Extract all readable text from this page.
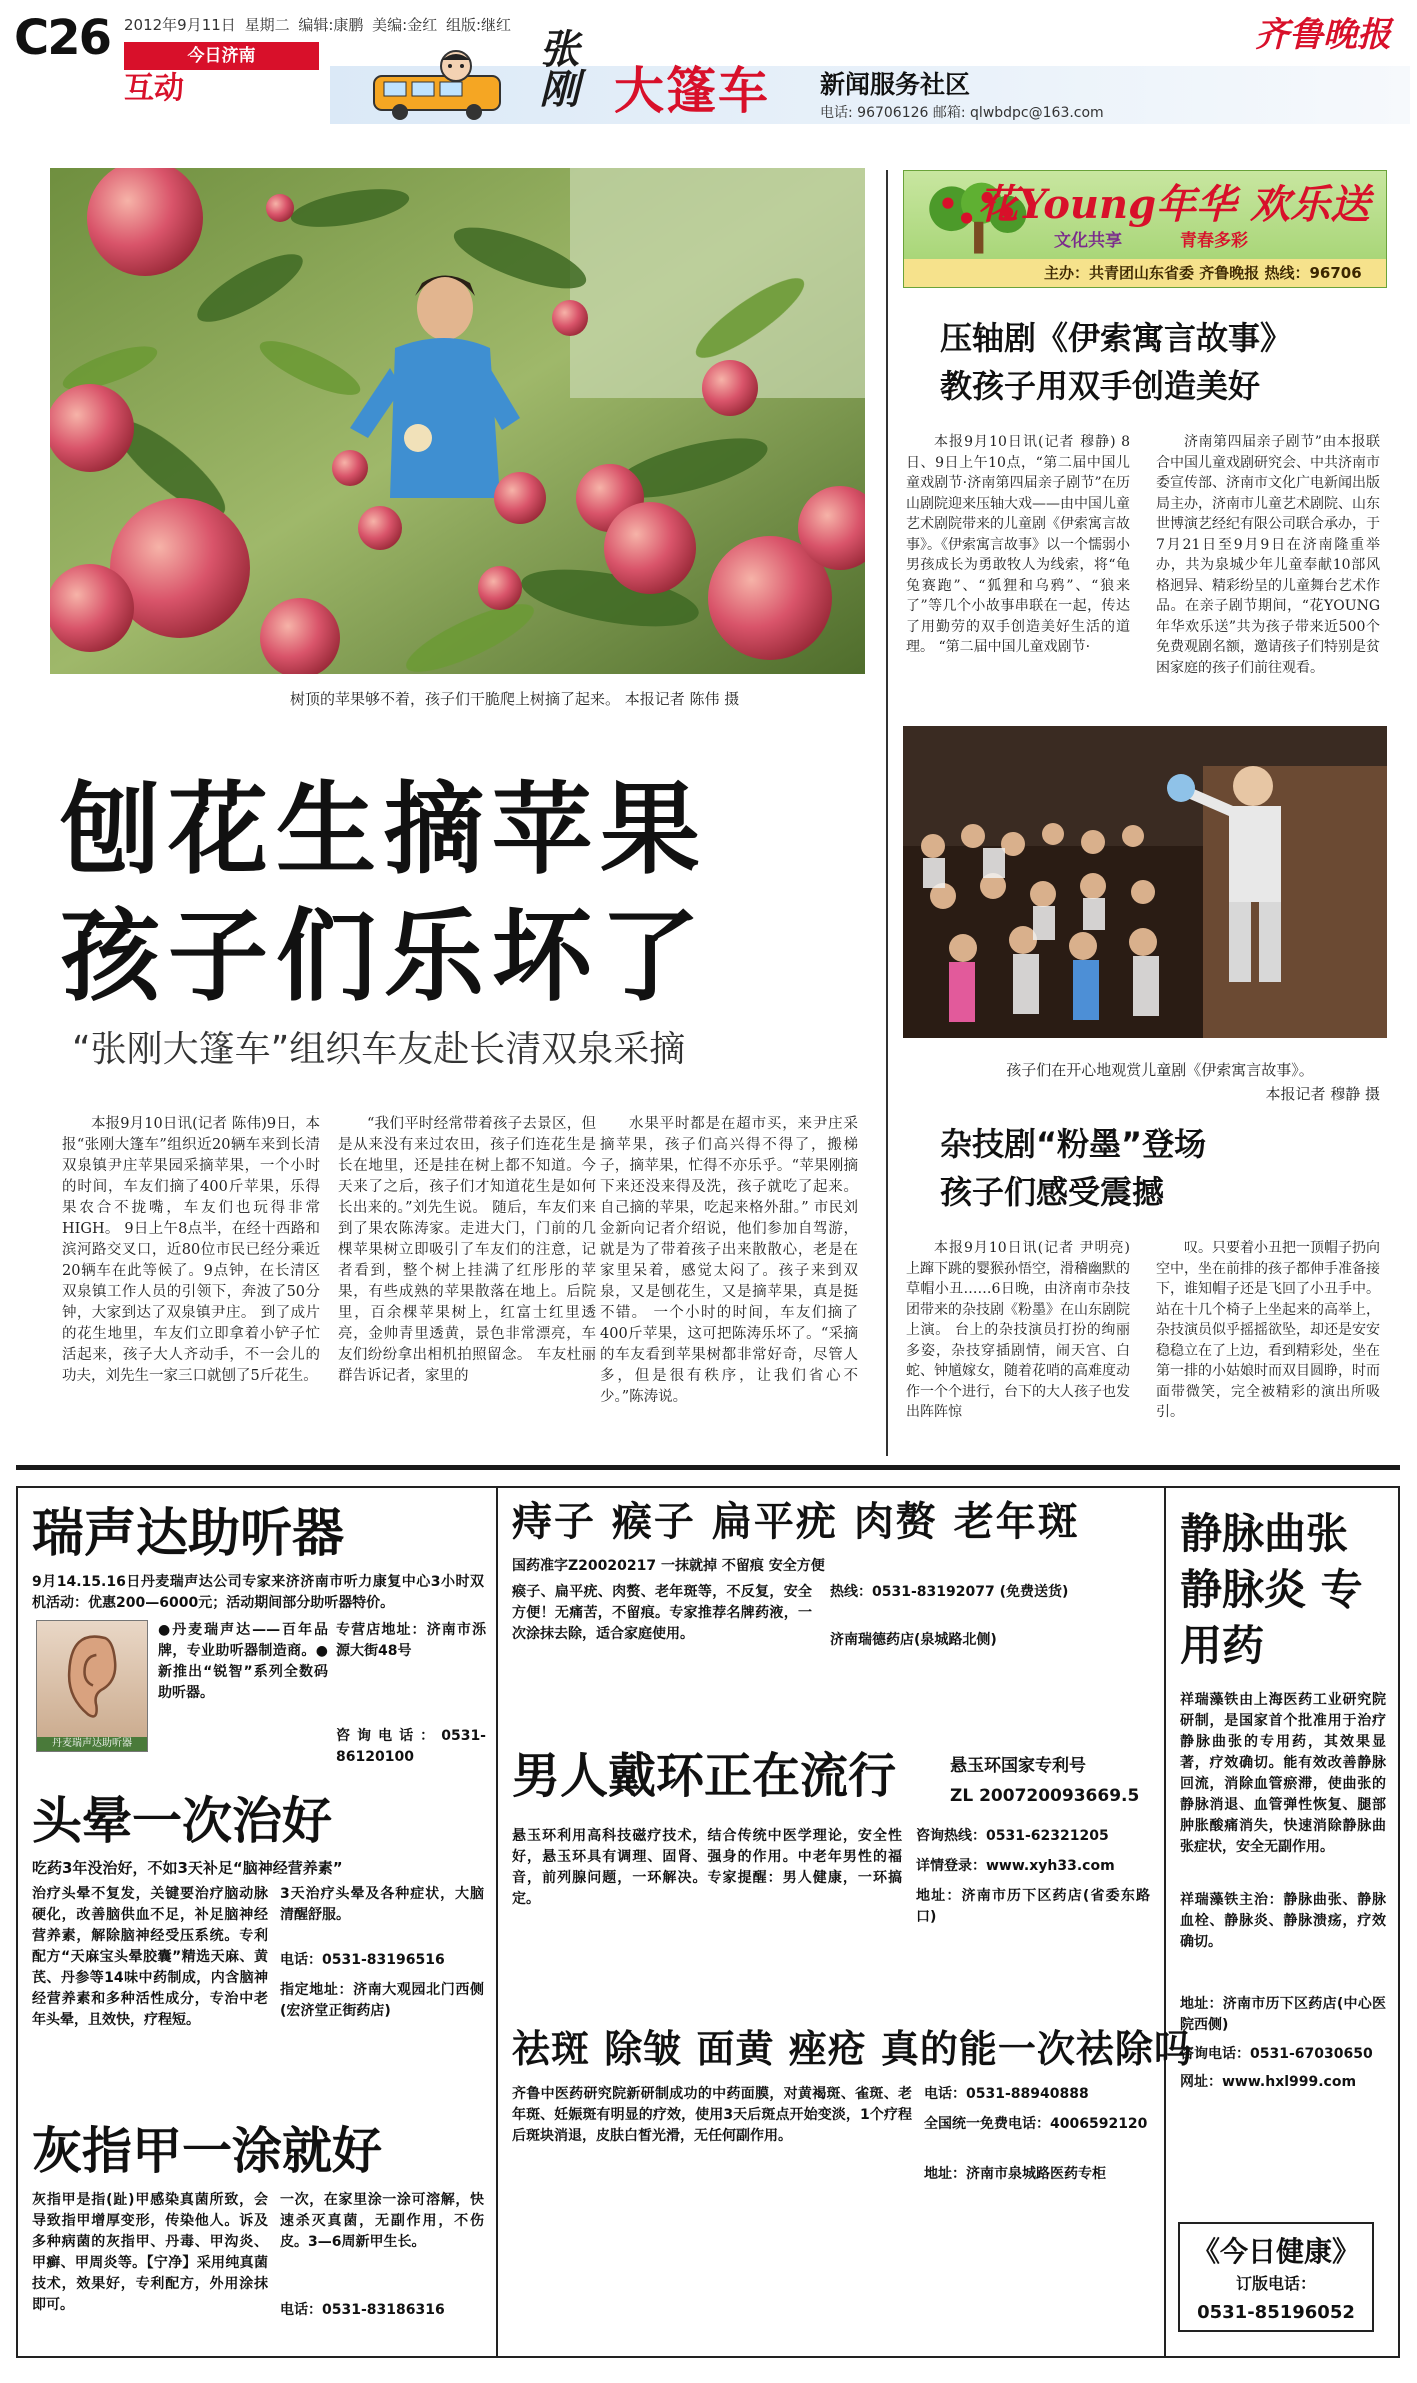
C26 2012年9月11日 星期二 编辑:康鹏 美编:金红 组版:继红
今日济南
互动	张刚 大篷车 新闻服务社区
电话: 96706126 邮箱: qlwbdpc@163.com
齐鲁晚报
树顶的苹果够不着，孩子们干脆爬上树摘了起来。 本报记者 陈伟 摄
刨花生摘苹果
孩子们乐坏了
“张刚大篷车”组织车友赴长清双泉采摘
本报9月10日讯(记者 陈伟)9日，本报“张刚大篷车”组织近20辆车来到长清双泉镇尹庄苹果园采摘苹果，一个小时的时间，车友们摘了400斤苹果，乐得果农合不拢嘴，车友们也玩得非常HIGH。 9日上午8点半，在经十西路和滨河路交叉口，近80位市民已经分乘近20辆车在此等候了。9点钟，在长清区双泉镇工作人员的引领下，奔波了50分钟，大家到达了双泉镇尹庄。 到了成片的花生地里，车友们立即拿着小铲子忙活起来，孩子大人齐动手，不一会儿的功夫，刘先生一家三口就刨了5斤花生。
“我们平时经常带着孩子去景区，但是从来没有来过农田，孩子们连花生是长在地里，还是挂在树上都不知道。今天来了之后，孩子们才知道花生是如何长出来的。”刘先生说。 随后，车友们来到了果农陈涛家。走进大门，门前的几棵苹果树立即吸引了车友们的注意，记者看到，整个树上挂满了红彤彤的苹果，有些成熟的苹果散落在地上。后院里，百余棵苹果树上，红富士红里透亮，金帅青里透黄，景色非常漂亮，车友们纷纷拿出相机拍照留念。 车友杜丽群告诉记者，家里的
水果平时都是在超市买，来尹庄采摘苹果，孩子们高兴得不得了，搬梯子，摘苹果，忙得不亦乐乎。“苹果刚摘下来还没来得及洗，孩子就吃了起来。自己摘的苹果，吃起来格外甜。” 市民刘金新向记者介绍说，他们参加自驾游，就是为了带着孩子出来散散心，老是在家里呆着，感觉太闷了。孩子来到双泉，又是刨花生，又是摘苹果，真是挺不错。 一个小时的时间，车友们摘了400斤苹果，这可把陈涛乐坏了。“采摘的车友看到苹果树都非常好奇，尽管人多，但是很有秩序，让我们省心不少。”陈涛说。
花Young年华 欢乐送
文化共享	青春多彩
主办：共青团山东省委 齐鲁晚报 热线：96706
压轴剧《伊索寓言故事》
教孩子用双手创造美好
本报9月10日讯(记者 穆静) 8日、9日上午10点，“第二届中国儿童戏剧节·济南第四届亲子剧节”在历山剧院迎来压轴大戏——由中国儿童艺术剧院带来的儿童剧《伊索寓言故事》。《伊索寓言故事》以一个懦弱小男孩成长为勇敢牧人为线索，将“龟兔赛跑”、“狐狸和乌鸦”、“狼来了”等几个小故事串联在一起，传达了用勤劳的双手创造美好生活的道理。 “第二届中国儿童戏剧节·
济南第四届亲子剧节”由本报联合中国儿童戏剧研究会、中共济南市委宣传部、济南市文化广电新闻出版局主办，济南市儿童艺术剧院、山东世博演艺经纪有限公司联合承办，于7月21日至9月9日在济南隆重举办，共为泉城少年儿童奉献10部风格迥异、精彩纷呈的儿童舞台艺术作品。在亲子剧节期间，“花YOUNG年华欢乐送”共为孩子带来近500个免费观剧名额，邀请孩子们特别是贫困家庭的孩子们前往观看。
孩子们在开心地观赏儿童剧《伊索寓言故事》。
本报记者 穆静 摄
杂技剧“粉墨”登场
孩子们感受震撼
本报9月10日讯(记者 尹明亮) 上蹿下跳的婴猴孙悟空，滑稽幽默的草帽小丑……6日晚，由济南市杂技团带来的杂技剧《粉墨》在山东剧院上演。 台上的杂技演员打扮的绚丽多姿，杂技穿插剧情，闹天宫、白蛇、钟馗嫁女，随着花哨的高难度动作一个个进行，台下的大人孩子也发出阵阵惊
叹。只要着小丑把一顶帽子扔向空中，坐在前排的孩子都伸手准备接下，谁知帽子还是飞回了小丑手中。站在十几个椅子上坐起来的高举上，杂技演员似乎摇摇欲坠，却还是安安稳稳立在了上边，看到精彩处，坐在第一排的小姑娘时而双目圆睁，时而面带微笑，完全被精彩的演出所吸引。
瑞声达助听器
9月14.15.16日丹麦瑞声达公司专家来济济南市听力康复中心3小时双机活动：优惠200—6000元；活动期间部分助听器特价。
丹麦瑞声达助听器
●丹麦瑞声达——百年品牌，专业助听器制造商。●新推出“锐智”系列全数码助听器。
专营店地址：济南市泺源大街48号
咨询电话：0531-86120100
头晕一次治好
吃药3年没治好，不如3天补足“脑神经营养素”
治疗头晕不复发，关键要治疗脑动脉硬化，改善脑供血不足，补足脑神经营养素，解除脑神经受压系统。专利配方“天麻宝头晕胶囊”精选天麻、黄芪、丹参等14味中药制成，内含脑神经营养素和多种活性成分，专治中老年头晕，且效快，疗程短。
3天治疗头晕及各种症状，大脑清醒舒服。
电话：0531-83196516
指定地址：济南大观园北门西侧(宏济堂正街药店)
灰指甲一涂就好
灰指甲是指(趾)甲感染真菌所致，会导致指甲增厚变形，传染他人。诉及多种病菌的灰指甲、丹毒、甲沟炎、甲癣、甲周炎等。【宁净】采用纯真菌技术，效果好，专利配方，外用涂抹即可。
一次，在家里涂一涂可溶解，快速杀灭真菌，无副作用，不伤皮。3—6周新甲生长。
电话：0531-83186316
痔子 瘊子 扁平疣 肉赘 老年斑
国药准字Z20020217 一抹就掉 不留痕 安全方便
瘊子、扁平疣、肉赘、老年斑等，不反复，安全方便！无痛苦，不留痕。专家推荐名牌药液，一次涂抹去除，适合家庭使用。
热线：0531-83192077 (免费送货)
济南瑞德药店(泉城路北侧)
男人戴环正在流行	悬玉环国家专利号
ZL 200720093669.5
悬玉环利用高科技磁疗技术，结合传统中医学理论，安全性好，悬玉环具有调理、固肾、强身的作用。中老年男性的福音，前列腺问题，一环解决。专家提醒：男人健康，一环搞定。
咨询热线：0531-62321205
详情登录：www.xyh33.com
地址：济南市历下区药店(省委东路口)
祛斑 除皱 面黄 痤疮 真的能一次祛除吗
齐鲁中医药研究院新研制成功的中药面膜，对黄褐斑、雀斑、老年斑、妊娠斑有明显的疗效，使用3天后斑点开始变淡，1个疗程后斑块消退，皮肤白皙光滑，无任何副作用。
电话：0531-88940888
全国统一免费电话：4006592120
地址：济南市泉城路医药专柜
静脉曲张 静脉炎 专用药
祥瑞藻铁由上海医药工业研究院研制，是国家首个批准用于治疗静脉曲张的专用药，其效果显著，疗效确切。能有效改善静脉回流，消除血管瘀滞，使曲张的静脉消退、血管弹性恢复、腿部肿胀酸痛消失，快速消除静脉曲张症状，安全无副作用。
祥瑞藻铁主治：静脉曲张、静脉血栓、静脉炎、静脉溃疡，疗效确切。
地址：济南市历下区药店(中心医院西侧)
咨询电话：0531-67030650
网址：www.hxl999.com
《今日健康》
订版电话：
0531-85196052
